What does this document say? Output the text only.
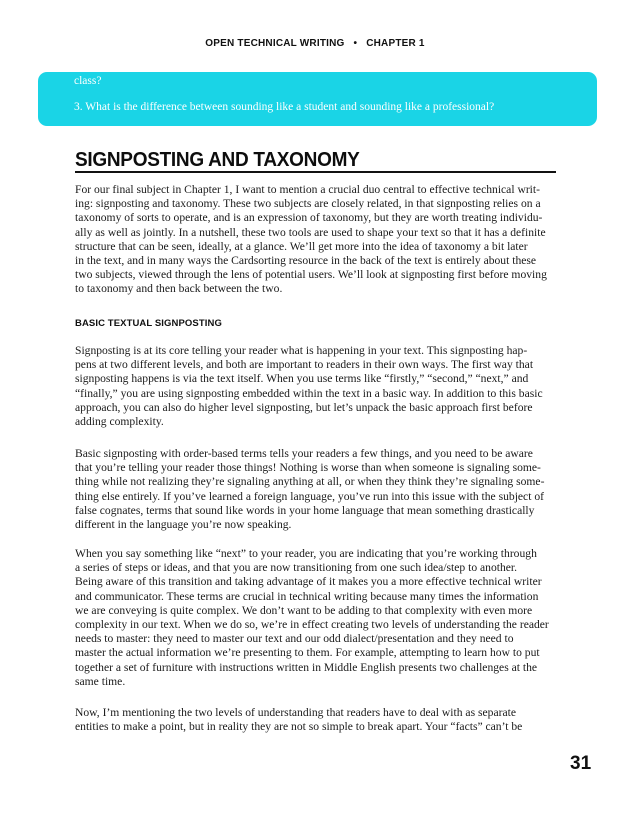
OPEN TECHNICAL WRITING • CHAPTER 1

class?

3. What is the difference between sounding like a student and sounding like a professional?

SIGNPOSTING AND TAXONOMY
For our final subject in Chapter 1, I want to mention a crucial duo central to effective technical writ-
ing: signposting and taxonomy. These two subjects are closely related, in that signposting relies on a
taxonomy of sorts to operate, and is an expression of taxonomy, but they are worth treating individu-
ally as well as jointly. In a nutshell, these two tools are used to shape your text so that it has a definite
structure that can be seen, ideally, at a glance. We’ll get more into the idea of taxonomy a bit later
in the text, and in many ways the Cardsorting resource in the back of the text is entirely about these
two subjects, viewed through the lens of potential users. We’ll look at signposting first before moving
to taxonomy and then back between the two.
BASIC TEXTUAL SIGNPOSTING
Signposting is at its core telling your reader what is happening in your text. This signposting hap-
pens at two different levels, and both are important to readers in their own ways. The first way that
signposting happens is via the text itself. When you use terms like “firstly,” “second,” “next,” and
“finally,” you are using signposting embedded within the text in a basic way. In addition to this basic
approach, you can also do higher level signposting, but let’s unpack the basic approach first before
adding complexity.
Basic signposting with order-based terms tells your readers a few things, and you need to be aware
that you’re telling your reader those things! Nothing is worse than when someone is signaling some-
thing while not realizing they’re signaling anything at all, or when they think they’re signaling some-
thing else entirely. If you’ve learned a foreign language, you’ve run into this issue with the subject of
false cognates, terms that sound like words in your home language that mean something drastically
different in the language you’re now speaking.
When you say something like “next” to your reader, you are indicating that you’re working through
a series of steps or ideas, and that you are now transitioning from one such idea/step to another.
Being aware of this transition and taking advantage of it makes you a more effective technical writer
and communicator. These terms are crucial in technical writing because many times the information
we are conveying is quite complex. We don’t want to be adding to that complexity with even more
complexity in our text. When we do so, we’re in effect creating two levels of understanding the reader
needs to master: they need to master our text and our odd dialect/presentation and they need to
master the actual information we’re presenting to them. For example, attempting to learn how to put
together a set of furniture with instructions written in Middle English presents two challenges at the
same time.
Now, I’m mentioning the two levels of understanding that readers have to deal with as separate
entities to make a point, but in reality they are not so simple to break apart. Your “facts” can’t be
31
